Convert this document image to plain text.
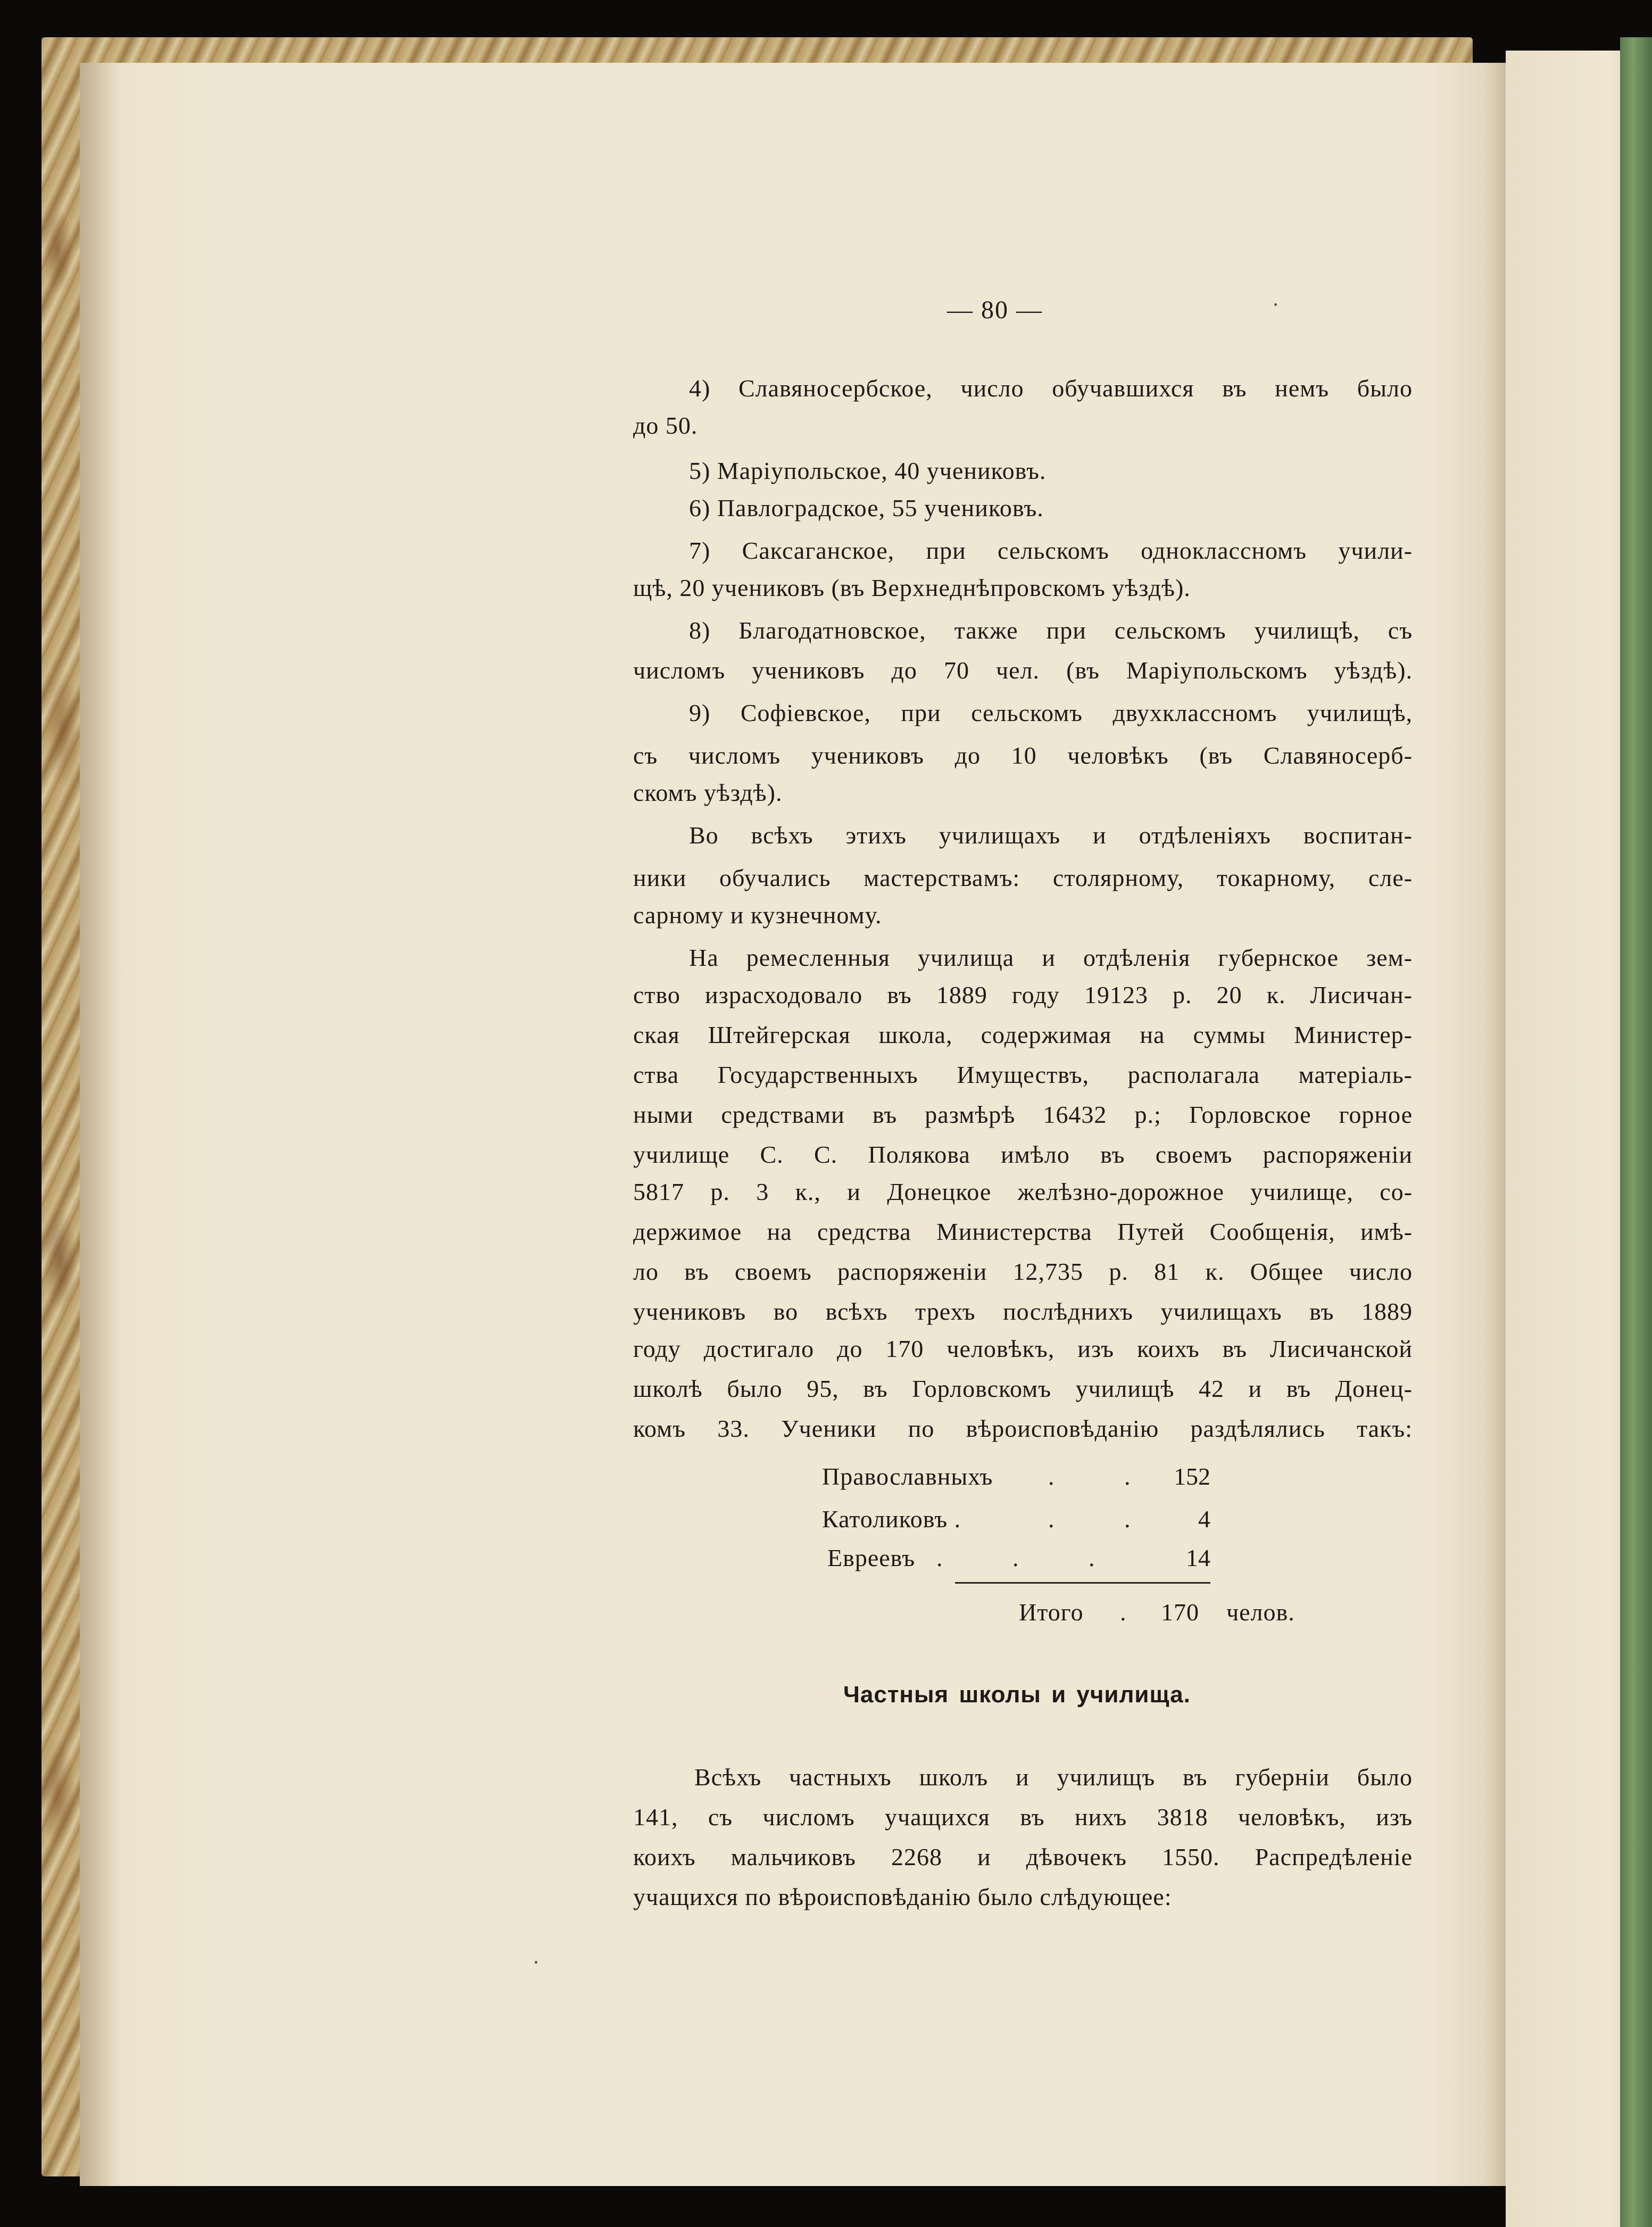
— 80 —
4) Славяносербское, число обучавшихся въ немъ было
до 50.
5) Маріупольское, 40 учениковъ.
6) Павлоградское, 55 учениковъ.
7) Саксаганское, при сельскомъ одноклассномъ учили-
щѣ, 20 учениковъ (въ Верхнеднѣпровскомъ уѣздѣ).
8) Благодатновское, также при сельскомъ училищѣ, съ
числомъ учениковъ до 70 чел. (въ Маріупольскомъ уѣздѣ).
9) Софіевское, при сельскомъ двухклассномъ училищѣ,
съ числомъ учениковъ до 10 человѣкъ (въ Славяносерб-
скомъ уѣздѣ).
Во всѣхъ этихъ училищахъ и отдѣленіяхъ воспитан-
ники обучались мастерствамъ: столярному, токарному, сле-
сарному и кузнечному.
На ремесленныя училища и отдѣленія губернское зем-
ство израсходовало въ 1889 году 19123 р. 20 к. Лисичан-
ская Штейгерская школа, содержимая на суммы Министер-
ства Государственныхъ Имуществъ, располагала матеріаль-
ными средствами въ размѣрѣ 16432 р.; Горловское горное
училище С. С. Полякова имѣло въ своемъ распоряженіи
5817 р. 3 к., и Донецкое желѣзно-дорожное училище, со-
держимое на средства Министерства Путей Сообщенія, имѣ-
ло въ своемъ распоряженіи 12,735 р. 81 к. Общее число
учениковъ во всѣхъ трехъ послѣднихъ училищахъ въ 1889
году достигало до 170 человѣкъ, изъ коихъ въ Лисичанской
школѣ было 95, въ Горловскомъ училищѣ 42 и въ Донец-
комъ 33. Ученики по вѣроисповѣданію раздѣлялись такъ:
Православныхъ . . 152
Католиковъ .	. .	4
Евреевъ . . .	14
Итого . 170 челов.
Частныя школы и училища.
Всѣхъ частныхъ школъ и училищъ въ губерніи было
141, съ числомъ учащихся въ нихъ 3818 человѣкъ, изъ
коихъ мальчиковъ 2268 и дѣвочекъ 1550. Распредѣленіе
учащихся по вѣроисповѣданію было слѣдующее:
